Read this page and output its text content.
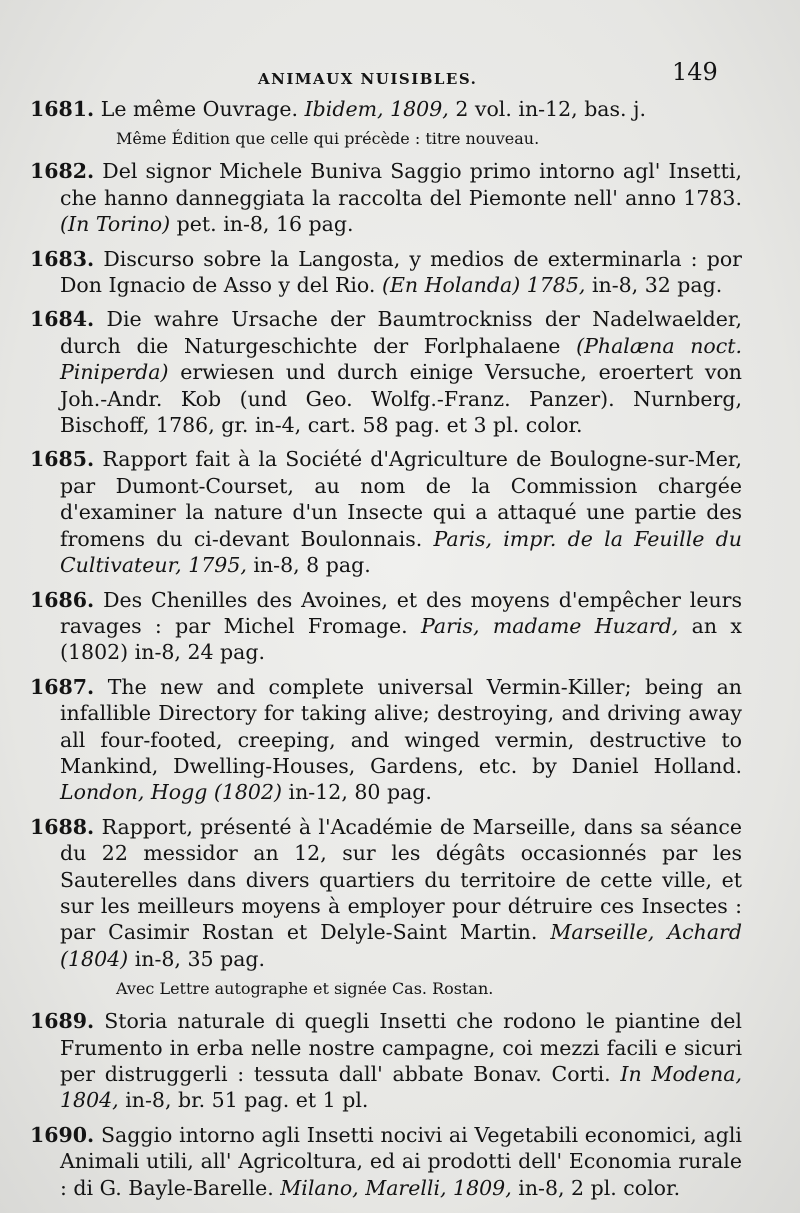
ANIMAUX NUISIBLES.	149
1681. Le même Ouvrage. Ibidem, 1809, 2 vol. in-12, bas. j.
Même Édition que celle qui précède : titre nouveau.
1682. Del signor Michele Buniva Saggio primo intorno agl' Insetti, che hanno danneggiata la raccolta del Piemonte nell' anno 1783. (In Torino) pet. in-8, 16 pag.
1683. Discurso sobre la Langosta, y medios de exterminarla : por Don Ignacio de Asso y del Rio. (En Holanda) 1785, in-8, 32 pag.
1684. Die wahre Ursache der Baumtrockniss der Nadelwaelder, durch die Naturgeschichte der Forlphalaene (Phalæna noct. Piniperda) erwiesen und durch einige Versuche, eroertert von Joh.-Andr. Kob (und Geo. Wolfg.-Franz. Panzer). Nurnberg, Bischoff, 1786, gr. in-4, cart. 58 pag. et 3 pl. color.
1685. Rapport fait à la Société d'Agriculture de Boulogne-sur-Mer, par Dumont-Courset, au nom de la Commission chargée d'examiner la nature d'un Insecte qui a attaqué une partie des fromens du ci-devant Boulonnais. Paris, impr. de la Feuille du Cultivateur, 1795, in-8, 8 pag.
1686. Des Chenilles des Avoines, et des moyens d'empêcher leurs ravages : par Michel Fromage. Paris, madame Huzard, an x (1802) in-8, 24 pag.
1687. The new and complete universal Vermin-Killer; being an infallible Directory for taking alive; destroying, and driving away all four-footed, creeping, and winged vermin, destructive to Mankind, Dwelling-Houses, Gardens, etc. by Daniel Holland. London, Hogg (1802) in-12, 80 pag.
1688. Rapport, présenté à l'Académie de Marseille, dans sa séance du 22 messidor an 12, sur les dégâts occasionnés par les Sauterelles dans divers quartiers du territoire de cette ville, et sur les meilleurs moyens à employer pour détruire ces Insectes : par Casimir Rostan et Delyle-Saint Martin. Marseille, Achard (1804) in-8, 35 pag.
Avec Lettre autographe et signée Cas. Rostan.
1689. Storia naturale di quegli Insetti che rodono le piantine del Frumento in erba nelle nostre campagne, coi mezzi facili e sicuri per distruggerli : tessuta dall' abbate Bonav. Corti. In Modena, 1804, in-8, br. 51 pag. et 1 pl.
1690. Saggio intorno agli Insetti nocivi ai Vegetabili economici, agli Animali utili, all' Agricoltura, ed ai prodotti dell' Economia rurale : di G. Bayle-Barelle. Milano, Marelli, 1809, in-8, 2 pl. color.
